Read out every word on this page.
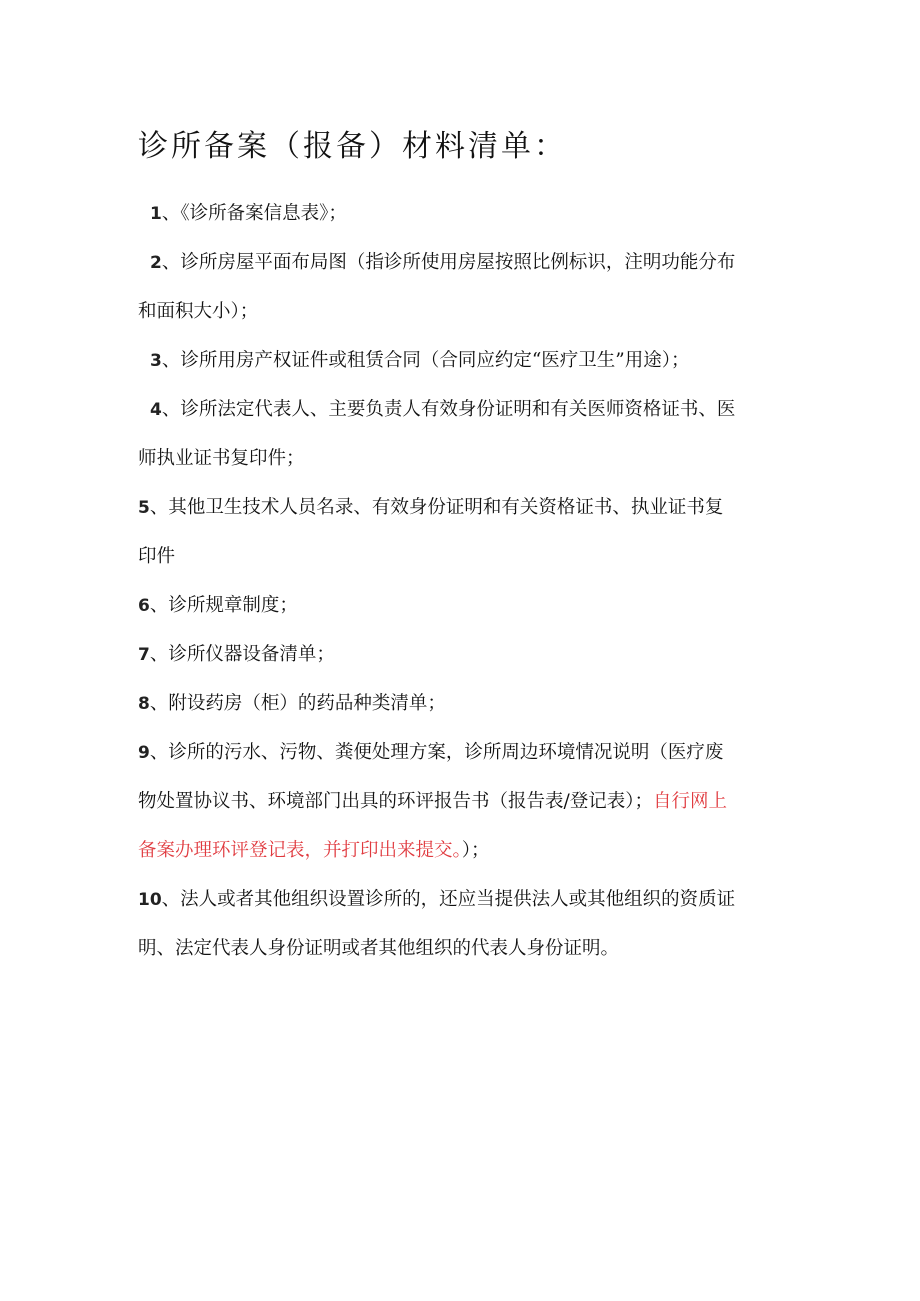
诊所备案（报备）材料清单：
1、《诊所备案信息表》；
2、诊所房屋平面布局图（指诊所使用房屋按照比例标识，注明功能分布
和面积大小）；
3、诊所用房产权证件或租赁合同（合同应约定“医疗卫生”用途）；
4、诊所法定代表人、主要负责人有效身份证明和有关医师资格证书、医
师执业证书复印件；
5、其他卫生技术人员名录、有效身份证明和有关资格证书、执业证书复
印件
6、诊所规章制度；
7、诊所仪器设备清单；
8、附设药房（柜）的药品种类清单；
9、诊所的污水、污物、粪便处理方案，诊所周边环境情况说明（医疗废
物处置协议书、环境部门出具的环评报告书（报告表/登记表）；自行网上
备案办理环评登记表，并打印出来提交。）；
10、法人或者其他组织设置诊所的，还应当提供法人或其他组织的资质证
明、法定代表人身份证明或者其他组织的代表人身份证明。
